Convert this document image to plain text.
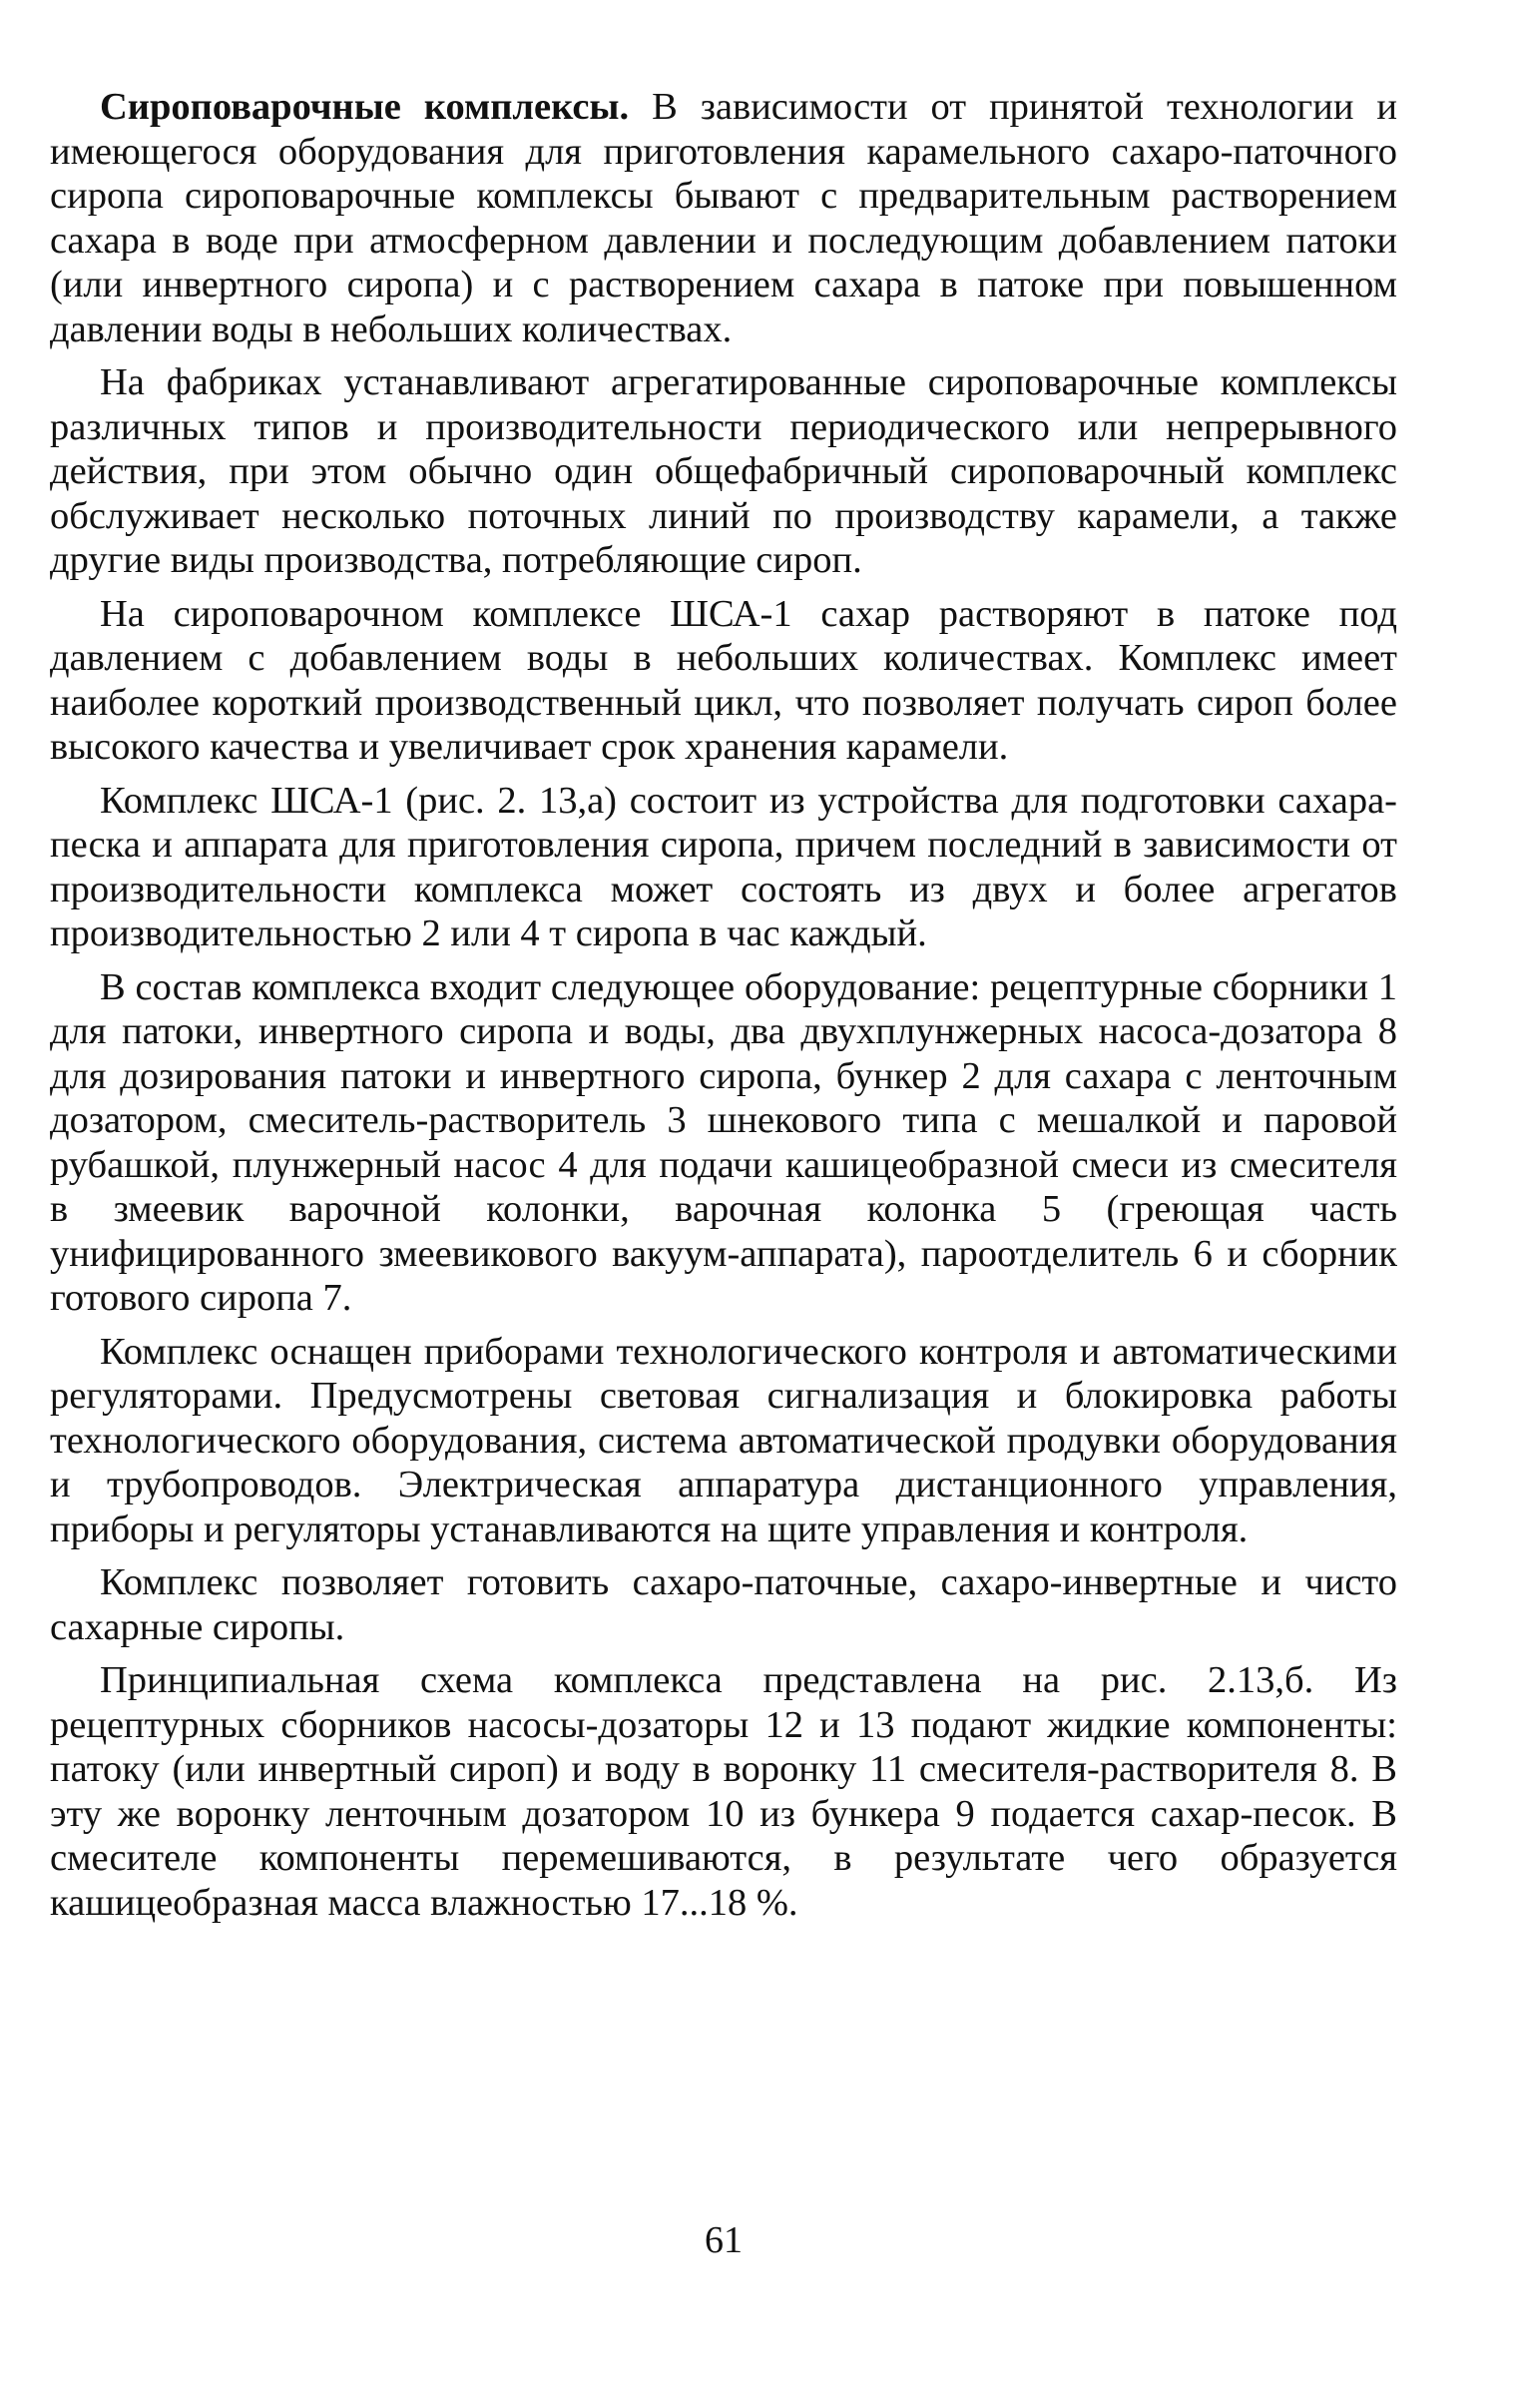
Сироповарочные комплексы. В зависимости от принятой технологии и имеющегося оборудования для приготовления карамельного сахаро-паточного сиропа сироповарочные комплексы бывают с предварительным растворением сахара в воде при атмосферном давлении и последующим добавлением патоки (или инвертного сиропа) и с растворением сахара в патоке при повышенном давлении воды в небольших количествах.

На фабриках устанавливают агрегатированные сироповарочные комплексы различных типов и производительности периодического или непрерывного действия, при этом обычно один общефабричный сироповарочный комплекс обслуживает несколько поточных линий по производству карамели, а также другие виды производства, потребляющие сироп.

На сироповарочном комплексе ШСА-1 сахар растворяют в патоке под давлением с добавлением воды в небольших количествах. Комплекс имеет наиболее короткий производственный цикл, что позволяет получать сироп более высокого качества и увеличивает срок хранения карамели.

Комплекс ШСА-1 (рис. 2. 13,а) состоит из устройства для подготовки сахара-песка и аппарата для приготовления сиропа, причем последний в зависимости от производительности комплекса может состоять из двух и более агрегатов производительностью 2 или 4 т сиропа в час каждый.

В состав комплекса входит следующее оборудование: рецептурные сборники 1 для патоки, инвертного сиропа и воды, два двухплунжерных насоса-дозатора 8 для дозирования патоки и инвертного сиропа, бункер 2 для сахара с ленточным дозатором, смеситель-растворитель 3 шнекового типа с мешалкой и паровой рубашкой, плунжерный насос 4 для подачи кашицеобразной смеси из смесителя в змеевик варочной колонки, варочная колонка 5 (греющая часть унифицированного змеевикового вакуум-аппарата), пароотделитель 6 и сборник готового сиропа 7.

Комплекс оснащен приборами технологического контроля и автоматическими регуляторами. Предусмотрены световая сигнализация и блокировка работы технологического оборудования, система автоматической продувки оборудования и трубопроводов. Электрическая аппаратура дистанционного управления, приборы и регуляторы устанавливаются на щите управления и контроля.

Комплекс позволяет готовить сахаро-паточные, сахаро-инвертные и чисто сахарные сиропы.

Принципиальная схема комплекса представлена на рис. 2.13,б. Из рецептурных сборников насосы-дозаторы 12 и 13 подают жидкие компоненты: патоку (или инвертный сироп) и воду в воронку 11 смесителя-растворителя 8. В эту же воронку ленточным дозатором 10 из бункера 9 подается сахар-песок. В смесителе компоненты перемешиваются, в результате чего образуется кашицеобразная масса влажностью 17...18 %.

61
